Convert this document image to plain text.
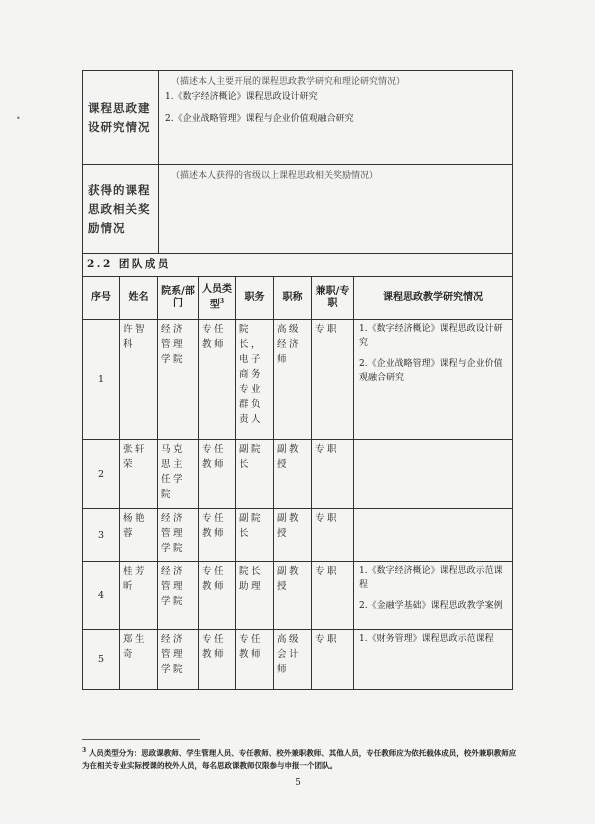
•
课程思政建设研究情况	（描述本人主要开展的课程思政教学研究和理论研究情况）

1.《数字经济概论》课程思政设计研究

2.《企业战略管理》课程与企业价值观融合研究

获得的课程思政相关奖励情况	（描述本人获得的省级以上课程思政相关奖励情况）

2.2 团队成员							
序号	姓名	院系/部门	人员类型$^3$	职务	职称	兼职/专职	课程思政教学研究情况
1	许智科	经济管理学院	专任教师	院长，电子商务专业群负责人	高级经济师	专职	1.《数字经济概论》课程思政设计研究

2.《企业战略管理》课程与企业价值观融合研究

2	张轩荣	马克思主任学院	专任教师	副院长	副教授	专职	
3	杨艳蓉	经济管理学院	专任教师	副院长	副教授	专职	
4	桂芳昕	经济管理学院	专任教师	院长助理	副教授	专职	1.《数字经济概论》课程思政示范课程

2.《金融学基础》课程思政教学案例

5	郑生奇	经济管理学院	专任教师	专任教师	高级会计师	专职	1.《财务管理》课程思政示范课程

$^3$ 人员类型分为：思政课教师、学生管理人员、专任教师、校外兼职教师、其他人员，专任教师应为依托载体成员，校外兼职教师应为在相关专业实际授课的校外人员，每名思政课教师仅限参与申报一个团队。
5
